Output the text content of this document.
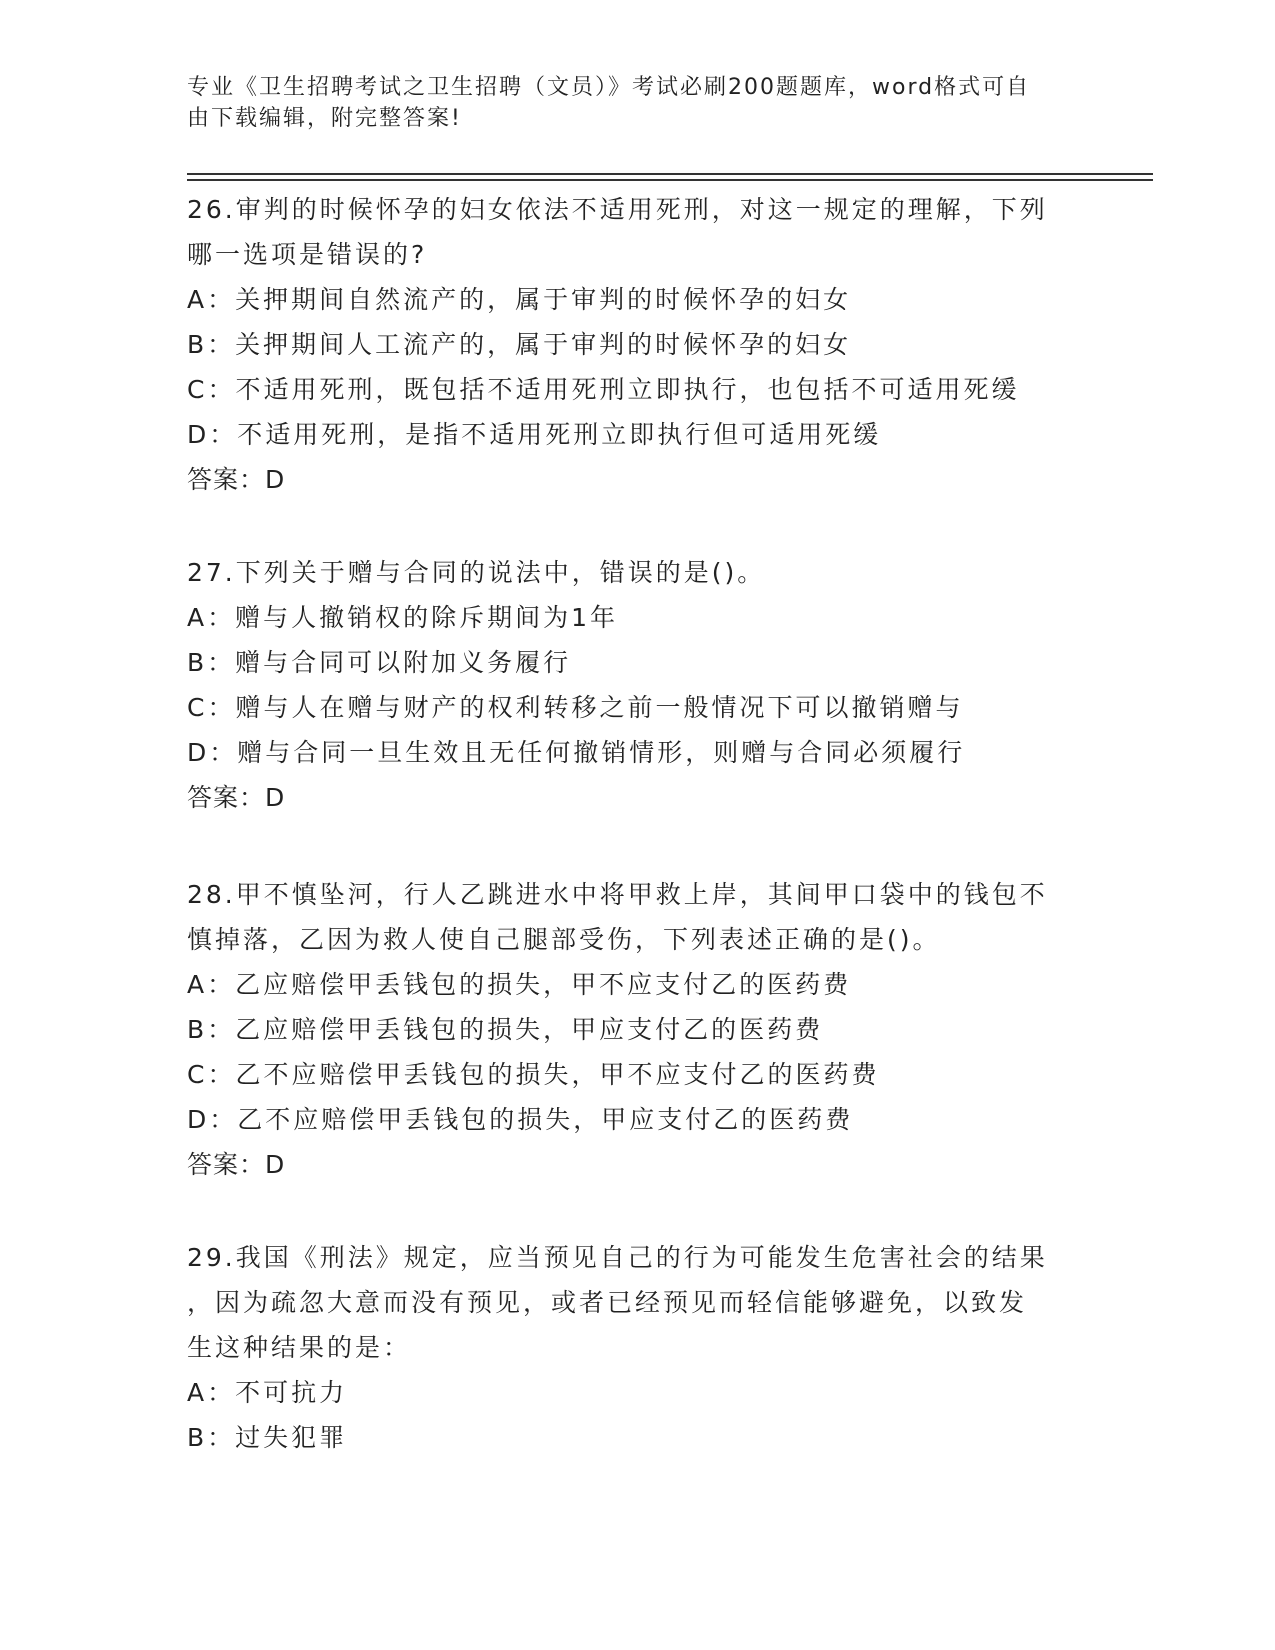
专业《卫生招聘考试之卫生招聘（文员）》考试必刷200题题库，word格式可自
由下载编辑，附完整答案!

26.审判的时候怀孕的妇女依法不适用死刑，对这一规定的理解，下列

哪一选项是错误的?

A：关押期间自然流产的，属于审判的时候怀孕的妇女

B：关押期间人工流产的，属于审判的时候怀孕的妇女

C：不适用死刑，既包括不适用死刑立即执行，也包括不可适用死缓

D：不适用死刑，是指不适用死刑立即执行但可适用死缓

答案：D

27.下列关于赠与合同的说法中，错误的是()。

A：赠与人撤销权的除斥期间为1年

B：赠与合同可以附加义务履行

C：赠与人在赠与财产的权利转移之前一般情况下可以撤销赠与

D：赠与合同一旦生效且无任何撤销情形，则赠与合同必须履行

答案：D

28.甲不慎坠河，行人乙跳进水中将甲救上岸，其间甲口袋中的钱包不

慎掉落，乙因为救人使自己腿部受伤，下列表述正确的是()。

A：乙应赔偿甲丢钱包的损失，甲不应支付乙的医药费

B：乙应赔偿甲丢钱包的损失，甲应支付乙的医药费

C：乙不应赔偿甲丢钱包的损失，甲不应支付乙的医药费

D：乙不应赔偿甲丢钱包的损失，甲应支付乙的医药费

答案：D

29.我国《刑法》规定，应当预见自己的行为可能发生危害社会的结果

，因为疏忽大意而没有预见，或者已经预见而轻信能够避免，以致发

生这种结果的是：

A：不可抗力

B：过失犯罪
